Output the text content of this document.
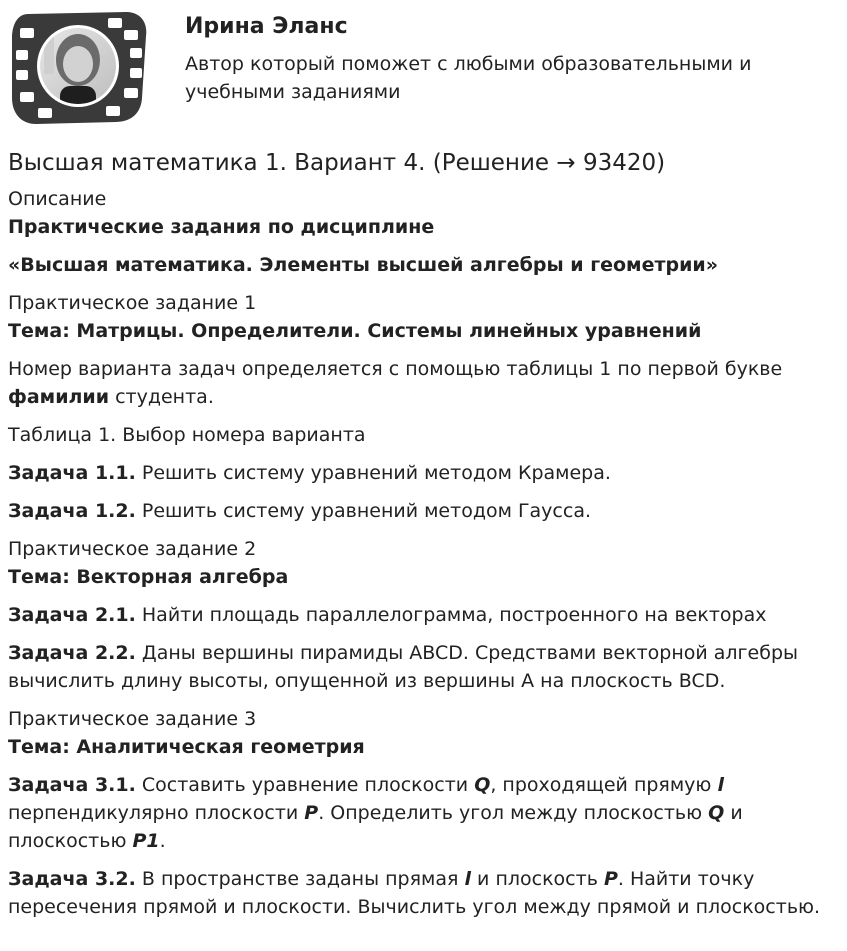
Ирина Эланс
Автор который поможет с любыми образовательными и учебными заданиями
Высшая математика 1. Вариант 4. (Решение → 93420)

Описание

Практические задания по дисциплине

«Высшая математика. Элементы высшей алгебры и геометрии»

Практическое задание 1

Тема: Матрицы. Определители. Системы линейных уравнений

Номер варианта задач определяется с помощью таблицы 1 по первой букве фамилии студента.

Таблица 1. Выбор номера варианта

Задача 1.1. Решить систему уравнений методом Крамера.

Задача 1.2. Решить систему уравнений методом Гаусса.

Практическое задание 2

Тема: Векторная алгебра

Задача 2.1. Найти площадь параллелограмма, построенного на векторах

Задача 2.2. Даны вершины пирамиды ABCD. Средствами векторной алгебры вычислить длину высоты, опущенной из вершины A на плоскость BCD.

Практическое задание 3

Тема: Аналитическая геометрия

Задача 3.1. Составить уравнение плоскости Q, проходящей прямую l перпендикулярно плоскости P. Определить угол между плоскостью Q и плоскостью P1.

Задача 3.2. В пространстве заданы прямая l и плоскость P. Найти точку пересечения прямой и плоскости. Вычислить угол между прямой и плоскостью.
